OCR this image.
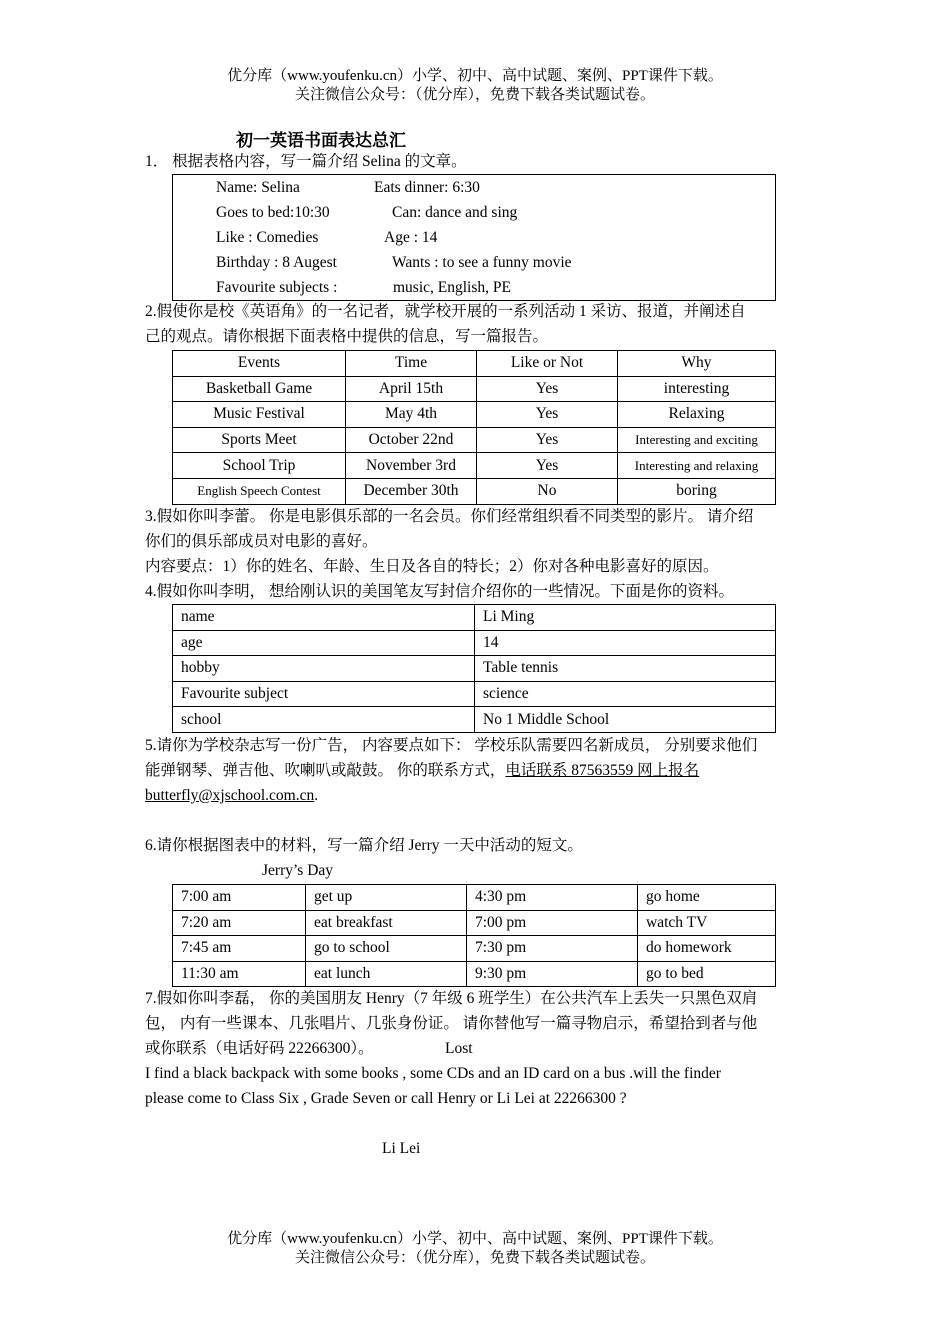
优分库（www.youfenku.cn）小学、初中、高中试题、案例、PPT课件下载。
关注微信公众号：（优分库），免费下载各类试题试卷。
初一英语书面表达总汇
1． 根据表格内容，写一篇介绍 Selina 的文章。
Name: Selina	Eats dinner: 6:30
Goes to bed:10:30	Can: dance and sing
Like : Comedies	Age : 14
Birthday : 8 Augest	Wants : to see a funny movie
Favourite subjects :	music, English, PE
2.假使你是校《英语角》的一名记者，就学校开展的一系列活动 1 采访、报道，并阐述自
己的观点。请你根据下面表格中提供的信息，写一篇报告。
Events	Time	Like or Not	Why
Basketball Game	April 15th	Yes	interesting
Music Festival	May 4th	Yes	Relaxing
Sports Meet	October 22nd	Yes	Interesting and exciting
School Trip	November 3rd	Yes	Interesting and relaxing
English Speech Contest	December 30th	No	boring
3.假如你叫李蕾。 你是电影俱乐部的一名会员。你们经常组织看不同类型的影片。 请介绍
你们的俱乐部成员对电影的喜好。
内容要点：1）你的姓名、年龄、生日及各自的特长；2）你对各种电影喜好的原因。
4.假如你叫李明， 想给刚认识的美国笔友写封信介绍你的一些情况。下面是你的资料。
name	Li Ming
age	14
hobby	Table tennis
Favourite subject	science
school	No 1 Middle School
5.请你为学校杂志写一份广告， 内容要点如下： 学校乐队需要四名新成员， 分别要求他们
能弹钢琴、弹吉他、吹喇叭或敲鼓。 你的联系方式，电话联系 87563559 网上报名
butterfly@xjschool.com.cn.
6.请你根据图表中的材料，写一篇介绍 Jerry 一天中活动的短文。
Jerry’s Day
7:00 am	get up	4:30 pm	go home
7:20 am	eat breakfast	7:00 pm	watch TV
7:45 am	go to school	7:30 pm	do homework
11:30 am	eat lunch	9:30 pm	go to bed
7.假如你叫李磊， 你的美国朋友 Henry（7 年级 6 班学生）在公共汽车上丢失一只黑色双肩
包， 内有一些课本、几张唱片、几张身份证。 请你替他写一篇寻物启示，希望拾到者与他
或你联系（电话好码 22266300）。	Lost
I find a black backpack with some books , some CDs and an ID card on a bus .will the finder
please come to Class Six , Grade Seven or call Henry or Li Lei at 22266300 ?
Li Lei
优分库（www.youfenku.cn）小学、初中、高中试题、案例、PPT课件下载。
关注微信公众号：（优分库），免费下载各类试题试卷。
